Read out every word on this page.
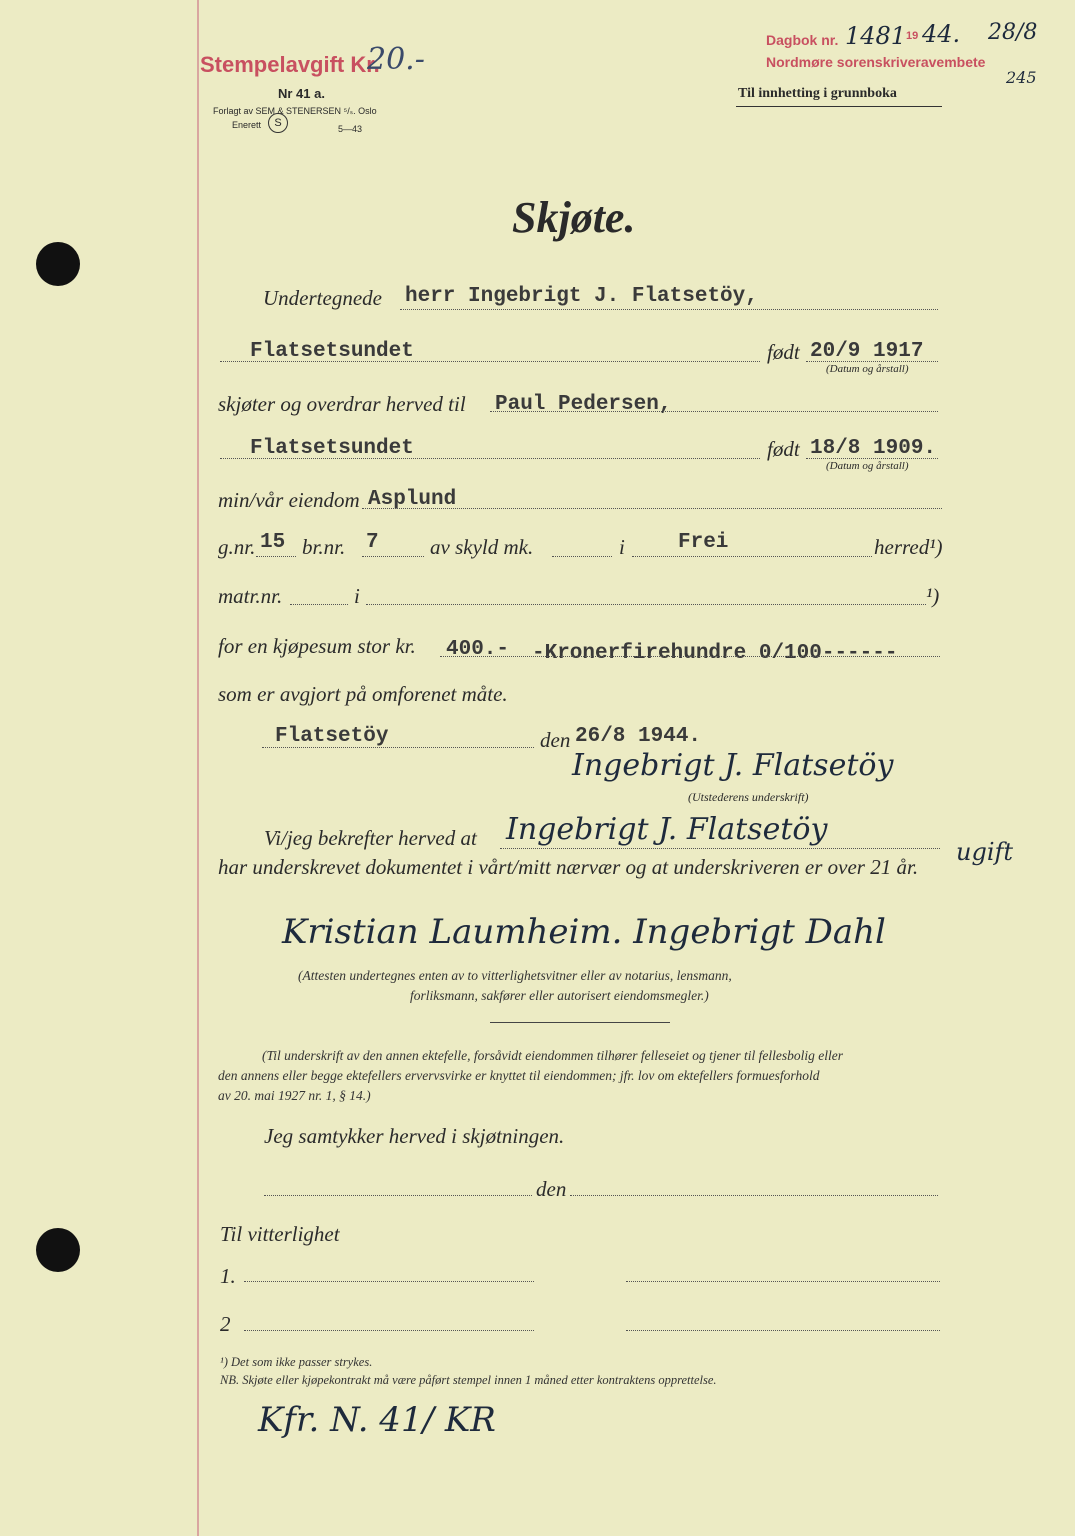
Stempelavgift Kr.
20.-
Nr 41 a.
Forlagt av SEM & STENERSEN ⁵/ₛ. Oslo
Enerett	S	5—43
Dagbok nr. 1481 19 44. 28/8
Nordmøre sorenskriveravembete
245
Til innhetting i grunnboka
Skjøte.
Undertegnede herr Ingebrigt J. Flatsetöy,
Flatsetsundet	født 20/9 1917
(Datum og årstall)
skjøter og overdrar herved til Paul Pedersen,
Flatsetsundet	født 18/8 1909.
(Datum og årstall)
min/vår eiendom Asplund
g.nr. 15 br.nr. 7 av skyld mk.	i	Frei	herred¹)
matr.nr.	i	¹)
for en kjøpesum stor kr. 400.- -Kronerfirehundre 0/100------
som er avgjort på omforenet måte.
Flatsetöy	den 26/8 1944.
Ingebrigt J. Flatsetöy
(Utstederens underskrift)
Vi/jeg bekrefter herved at Ingebrigt J. Flatsetöy
har underskrevet dokumentet i vårt/mitt nærvær og at underskriveren er over 21 år.
ugift
Kristian Laumheim. Ingebrigt Dahl
(Attesten undertegnes enten av to vitterlighetsvitner eller av notarius, lensmann,
forliksmann, sakfører eller autorisert eiendomsmegler.)
(Til underskrift av den annen ektefelle, forsåvidt eiendommen tilhører felleseiet og tjener til fellesbolig eller
den annens eller begge ektefellers ervervsvirke er knyttet til eiendommen; jfr. lov om ektefellers formuesforhold
av 20. mai 1927 nr. 1, § 14.)
Jeg samtykker herved i skjøtningen.
den
Til vitterlighet
1.
2
¹) Det som ikke passer strykes.
NB. Skjøte eller kjøpekontrakt må være påført stempel innen 1 måned etter kontraktens opprettelse.
Kfr. N. 41/ KR
